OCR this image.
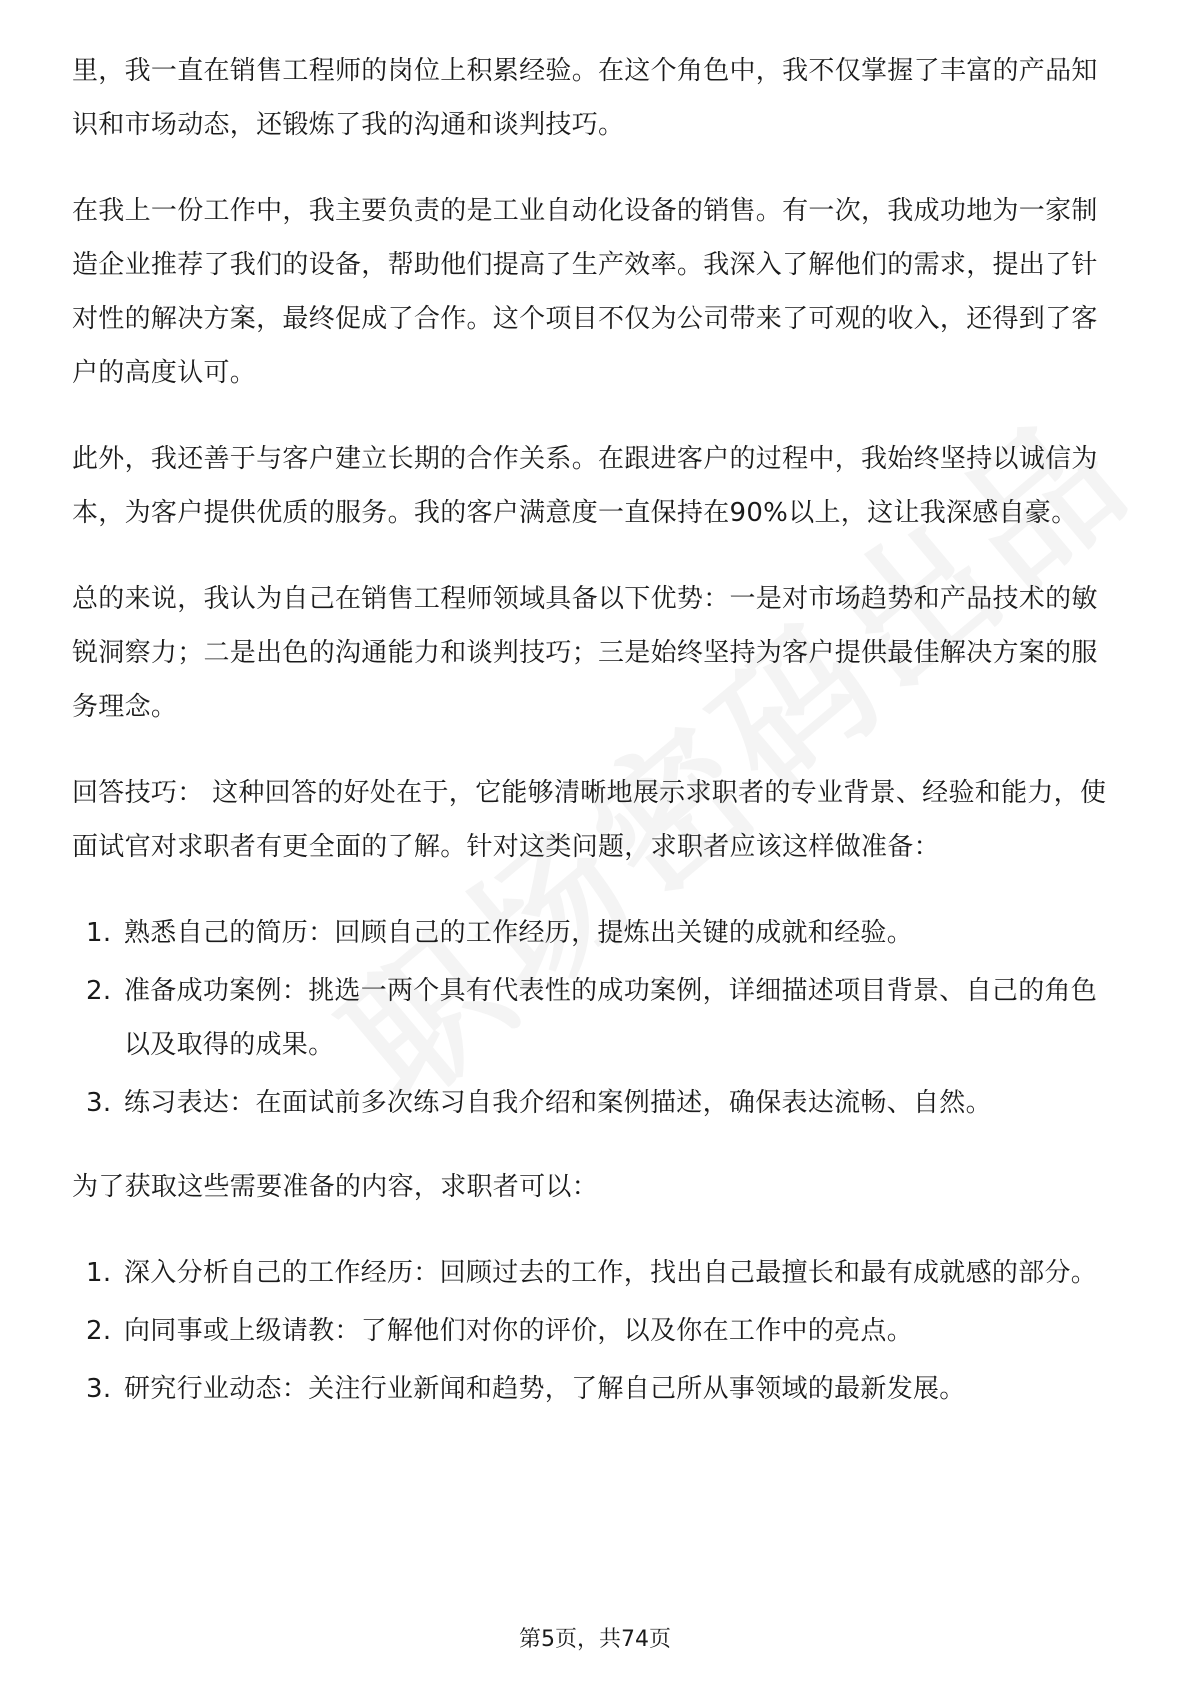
里，我一直在销售工程师的岗位上积累经验。在这个角色中，我不仅掌握了丰富的产品知识和市场动态，还锻炼了我的沟通和谈判技巧。

在我上一份工作中，我主要负责的是工业自动化设备的销售。有一次，我成功地为一家制造企业推荐了我们的设备，帮助他们提高了生产效率。我深入了解他们的需求，提出了针对性的解决方案，最终促成了合作。这个项目不仅为公司带来了可观的收入，还得到了客户的高度认可。

此外，我还善于与客户建立长期的合作关系。在跟进客户的过程中，我始终坚持以诚信为本，为客户提供优质的服务。我的客户满意度一直保持在90%以上，这让我深感自豪。

总的来说，我认为自己在销售工程师领域具备以下优势：一是对市场趋势和产品技术的敏锐洞察力；二是出色的沟通能力和谈判技巧；三是始终坚持为客户提供最佳解决方案的服务理念。

回答技巧： 这种回答的好处在于，它能够清晰地展示求职者的专业背景、经验和能力，使面试官对求职者有更全面的了解。针对这类问题，求职者应该这样做准备：

1. 熟悉自己的简历：回顾自己的工作经历，提炼出关键的成就和经验。
2. 准备成功案例：挑选一两个具有代表性的成功案例，详细描述项目背景、自己的角色以及取得的成果。
3. 练习表达：在面试前多次练习自我介绍和案例描述，确保表达流畅、自然。

为了获取这些需要准备的内容，求职者可以：

1. 深入分析自己的工作经历：回顾过去的工作，找出自己最擅长和最有成就感的部分。
2. 向同事或上级请教：了解他们对你的评价，以及你在工作中的亮点。
3. 研究行业动态：关注行业新闻和趋势，了解自己所从事领域的最新发展。
第5页，共74页
